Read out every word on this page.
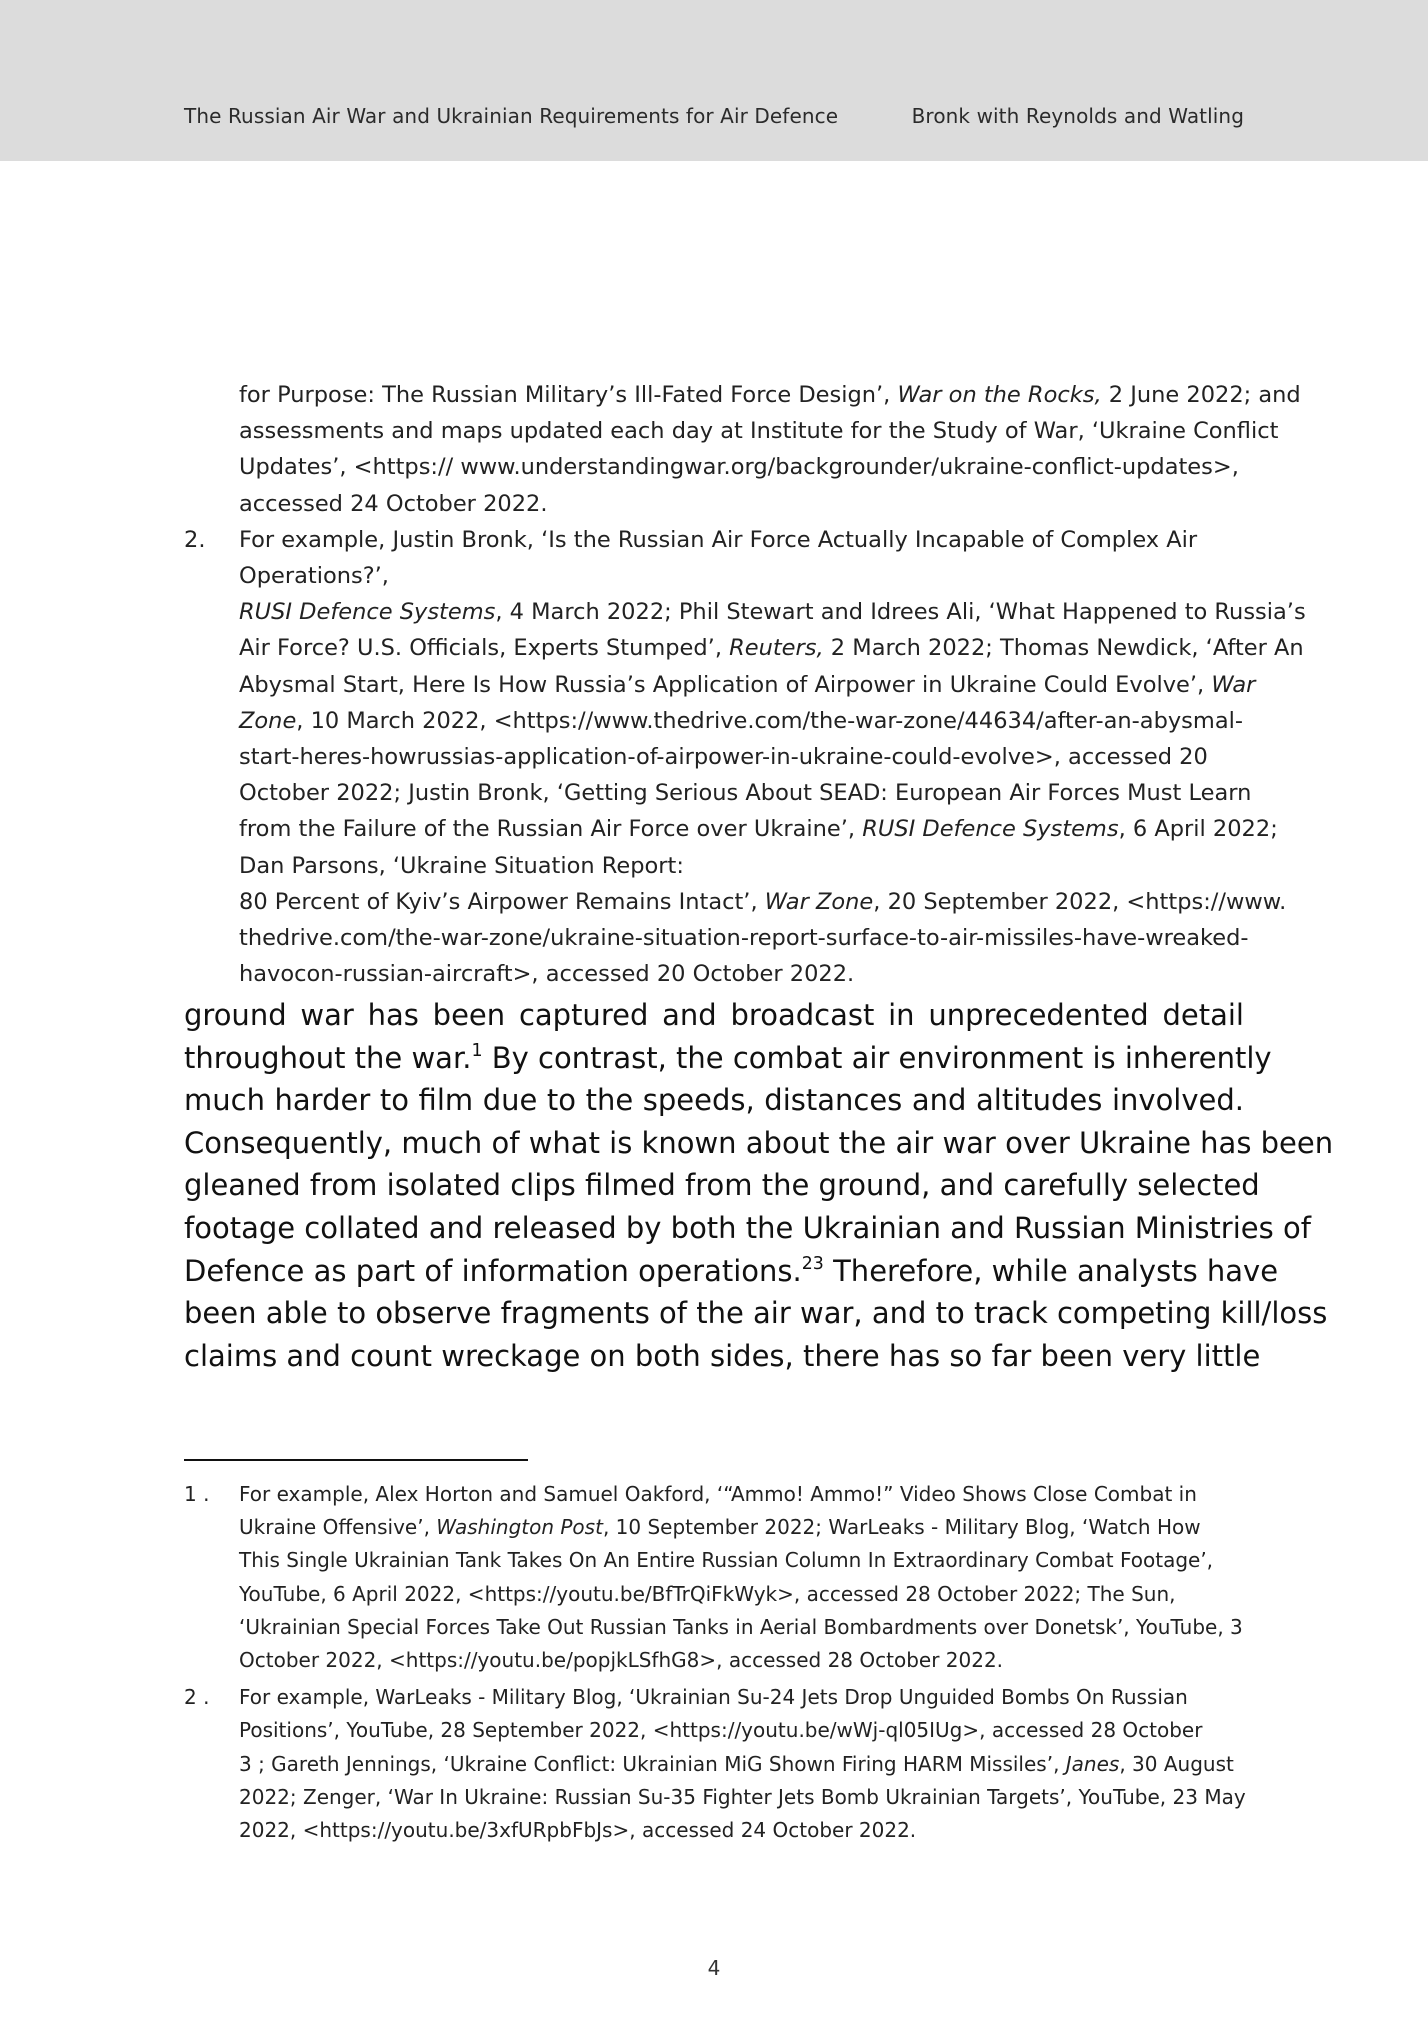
The Russian Air War and Ukrainian Requirements for Air Defence	Bronk with Reynolds and Watling
for Purpose: The Russian Military’s Ill-Fated Force Design’, War on the Rocks, 2 June 2022; and
assessments and maps updated each day at Institute for the Study of War, ‘Ukraine Conflict
Updates’, <https:// www.understandingwar.org/backgrounder/ukraine-conflict-updates>,
accessed 24 October 2022.
2. For example, Justin Bronk, ‘Is the Russian Air Force Actually Incapable of Complex Air
Operations?’,
RUSI Defence Systems, 4 March 2022; Phil Stewart and Idrees Ali, ‘What Happened to Russia’s
Air Force? U.S. Officials, Experts Stumped’, Reuters, 2 March 2022; Thomas Newdick, ‘After An
Abysmal Start, Here Is How Russia’s Application of Airpower in Ukraine Could Evolve’, War
Zone, 10 March 2022, <https://www.thedrive.com/the-war-zone/44634/after-an-abysmal-
start-heres-howrussias-application-of-airpower-in-ukraine-could-evolve>, accessed 20
October 2022; Justin Bronk, ‘Getting Serious About SEAD: European Air Forces Must Learn
from the Failure of the Russian Air Force over Ukraine’, RUSI Defence Systems, 6 April 2022;
Dan Parsons, ‘Ukraine Situation Report:
80 Percent of Kyiv’s Airpower Remains Intact’, War Zone, 20 September 2022, <https://www.
thedrive.com/the-war-zone/ukraine-situation-report-surface-to-air-missiles-have-wreaked-
havocon-russian-aircraft>, accessed 20 October 2022.
ground war has been captured and broadcast in unprecedented detail
throughout the war.$^1$ By contrast, the combat air environment is inherently
much harder to film due to the speeds, distances and altitudes involved.
Consequently, much of what is known about the air war over Ukraine has been
gleaned from isolated clips filmed from the ground, and carefully selected
footage collated and released by both the Ukrainian and Russian Ministries of
Defence as part of information operations.$^{23}$ Therefore, while analysts have
been able to observe fragments of the air war, and to track competing kill/loss
claims and count wreckage on both sides, there has so far been very little
1 . For example, Alex Horton and Samuel Oakford, ‘“Ammo! Ammo!” Video Shows Close Combat in
Ukraine Offensive’, Washington Post, 10 September 2022; WarLeaks - Military Blog, ‘Watch How
This Single Ukrainian Tank Takes On An Entire Russian Column In Extraordinary Combat Footage’,
YouTube, 6 April 2022, <https://youtu.be/BfTrQiFkWyk>, accessed 28 October 2022; The Sun,
‘Ukrainian Special Forces Take Out Russian Tanks in Aerial Bombardments over Donetsk’, YouTube, 3
October 2022, <https://youtu.be/popjkLSfhG8>, accessed 28 October 2022.
2 . For example, WarLeaks - Military Blog, ‘Ukrainian Su-24 Jets Drop Unguided Bombs On Russian
Positions’, YouTube, 28 September 2022, <https://youtu.be/wWj-ql05IUg>, accessed 28 October
3 ; Gareth Jennings, ‘Ukraine Conflict: Ukrainian MiG Shown Firing HARM Missiles’, Janes, 30 August
2022; Zenger, ‘War In Ukraine: Russian Su-35 Fighter Jets Bomb Ukrainian Targets’, YouTube, 23 May
2022, <https://youtu.be/3xfURpbFbJs>, accessed 24 October 2022.
4
